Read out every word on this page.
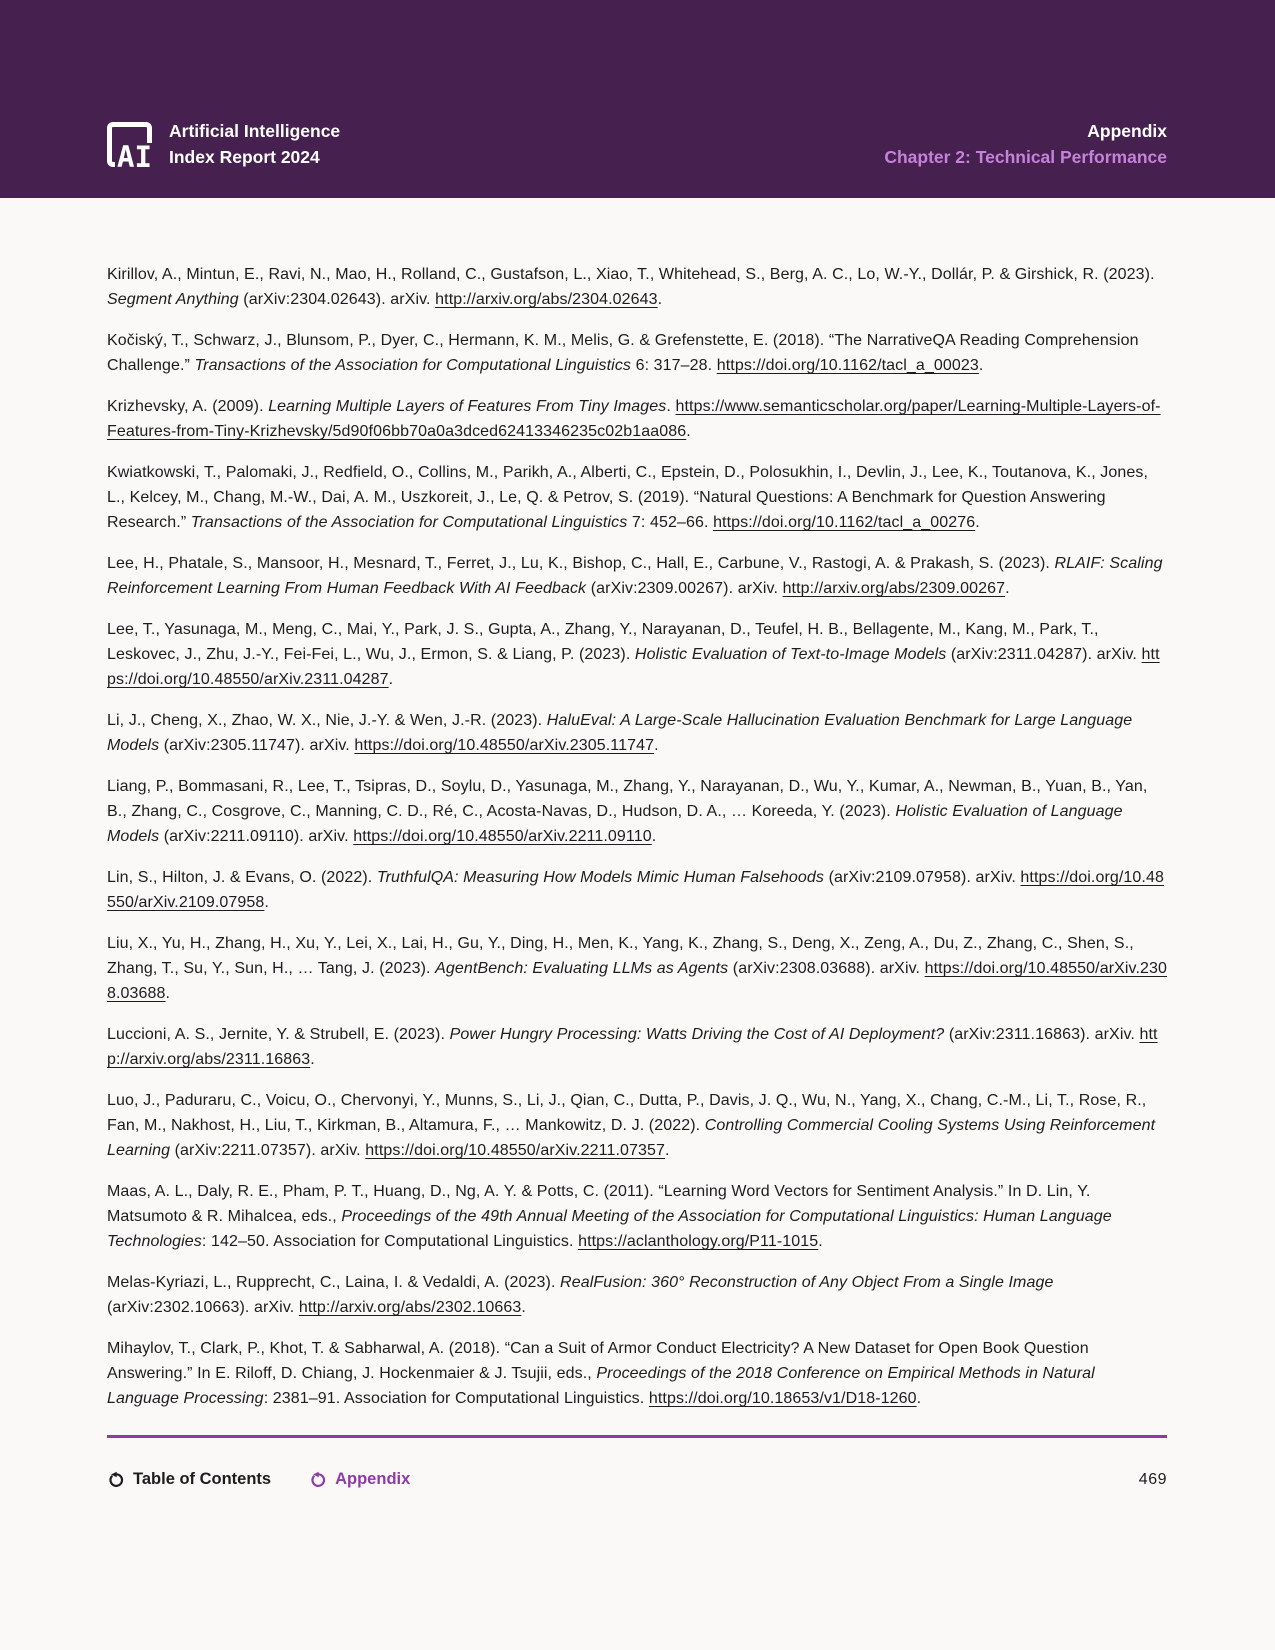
AI
Artificial Intelligence
Index Report 2024
Appendix
Chapter 2: Technical Performance

Kirillov, A., Mintun, E., Ravi, N., Mao, H., Rolland, C., Gustafson, L., Xiao, T., Whitehead, S., Berg, A. C., Lo, W.-Y., Dollár, P. & Girshick, R. (2023). Segment Anything (arXiv:2304.02643). arXiv. http://arxiv.org/abs/2304.02643.

Kočiský, T., Schwarz, J., Blunsom, P., Dyer, C., Hermann, K. M., Melis, G. & Grefenstette, E. (2018). “The NarrativeQA Reading Comprehension Challenge.” Transactions of the Association for Computational Linguistics 6: 317–28. https://doi.org/10.1162/tacl_a_00023.

Krizhevsky, A. (2009). Learning Multiple Layers of Features From Tiny Images. https://www.semanticscholar.org/paper/Learning-Multiple-Layers-of-Features-from-Tiny-Krizhevsky/5d90f06bb70a0a3dced62413346235c02b1aa086.

Kwiatkowski, T., Palomaki, J., Redfield, O., Collins, M., Parikh, A., Alberti, C., Epstein, D., Polosukhin, I., Devlin, J., Lee, K., Toutanova, K., Jones, L., Kelcey, M., Chang, M.-W., Dai, A. M., Uszkoreit, J., Le, Q. & Petrov, S. (2019). “Natural Questions: A Benchmark for Question Answering Research.” Transactions of the Association for Computational Linguistics 7: 452–66. https://doi.org/10.1162/tacl_a_00276.

Lee, H., Phatale, S., Mansoor, H., Mesnard, T., Ferret, J., Lu, K., Bishop, C., Hall, E., Carbune, V., Rastogi, A. & Prakash, S. (2023). RLAIF: Scaling Reinforcement Learning From Human Feedback With AI Feedback (arXiv:2309.00267). arXiv. http://arxiv.org/abs/2309.00267.

Lee, T., Yasunaga, M., Meng, C., Mai, Y., Park, J. S., Gupta, A., Zhang, Y., Narayanan, D., Teufel, H. B., Bellagente, M., Kang, M., Park, T., Leskovec, J., Zhu, J.-Y., Fei-Fei, L., Wu, J., Ermon, S. & Liang, P. (2023). Holistic Evaluation of Text-to-Image Models (arXiv:2311.04287). arXiv. https://doi.org/10.48550/arXiv.2311.04287.

Li, J., Cheng, X., Zhao, W. X., Nie, J.-Y. & Wen, J.-R. (2023). HaluEval: A Large-Scale Hallucination Evaluation Benchmark for Large Language Models (arXiv:2305.11747). arXiv. https://doi.org/10.48550/arXiv.2305.11747.

Liang, P., Bommasani, R., Lee, T., Tsipras, D., Soylu, D., Yasunaga, M., Zhang, Y., Narayanan, D., Wu, Y., Kumar, A., Newman, B., Yuan, B., Yan, B., Zhang, C., Cosgrove, C., Manning, C. D., Ré, C., Acosta-Navas, D., Hudson, D. A., … Koreeda, Y. (2023). Holistic Evaluation of Language Models (arXiv:2211.09110). arXiv. https://doi.org/10.48550/arXiv.2211.09110.

Lin, S., Hilton, J. & Evans, O. (2022). TruthfulQA: Measuring How Models Mimic Human Falsehoods (arXiv:2109.07958). arXiv. https://doi.org/10.48550/arXiv.2109.07958.

Liu, X., Yu, H., Zhang, H., Xu, Y., Lei, X., Lai, H., Gu, Y., Ding, H., Men, K., Yang, K., Zhang, S., Deng, X., Zeng, A., Du, Z., Zhang, C., Shen, S., Zhang, T., Su, Y., Sun, H., … Tang, J. (2023). AgentBench: Evaluating LLMs as Agents (arXiv:2308.03688). arXiv. https://doi.org/10.48550/arXiv.2308.03688.

Luccioni, A. S., Jernite, Y. & Strubell, E. (2023). Power Hungry Processing: Watts Driving the Cost of AI Deployment? (arXiv:2311.16863). arXiv. http://arxiv.org/abs/2311.16863.

Luo, J., Paduraru, C., Voicu, O., Chervonyi, Y., Munns, S., Li, J., Qian, C., Dutta, P., Davis, J. Q., Wu, N., Yang, X., Chang, C.-M., Li, T., Rose, R., Fan, M., Nakhost, H., Liu, T., Kirkman, B., Altamura, F., … Mankowitz, D. J. (2022). Controlling Commercial Cooling Systems Using Reinforcement Learning (arXiv:2211.07357). arXiv. https://doi.org/10.48550/arXiv.2211.07357.

Maas, A. L., Daly, R. E., Pham, P. T., Huang, D., Ng, A. Y. & Potts, C. (2011). “Learning Word Vectors for Sentiment Analysis.” In D. Lin, Y. Matsumoto & R. Mihalcea, eds., Proceedings of the 49th Annual Meeting of the Association for Computational Linguistics: Human Language Technologies: 142–50. Association for Computational Linguistics. https://aclanthology.org/P11-1015.

Melas-Kyriazi, L., Rupprecht, C., Laina, I. & Vedaldi, A. (2023). RealFusion: 360° Reconstruction of Any Object From a Single Image (arXiv:2302.10663). arXiv. http://arxiv.org/abs/2302.10663.

Mihaylov, T., Clark, P., Khot, T. & Sabharwal, A. (2018). “Can a Suit of Armor Conduct Electricity? A New Dataset for Open Book Question Answering.” In E. Riloff, D. Chiang, J. Hockenmaier & J. Tsujii, eds., Proceedings of the 2018 Conference on Empirical Methods in Natural Language Processing: 2381–91. Association for Computational Linguistics. https://doi.org/10.18653/v1/D18-1260.

Table of Contents	Appendix	469
